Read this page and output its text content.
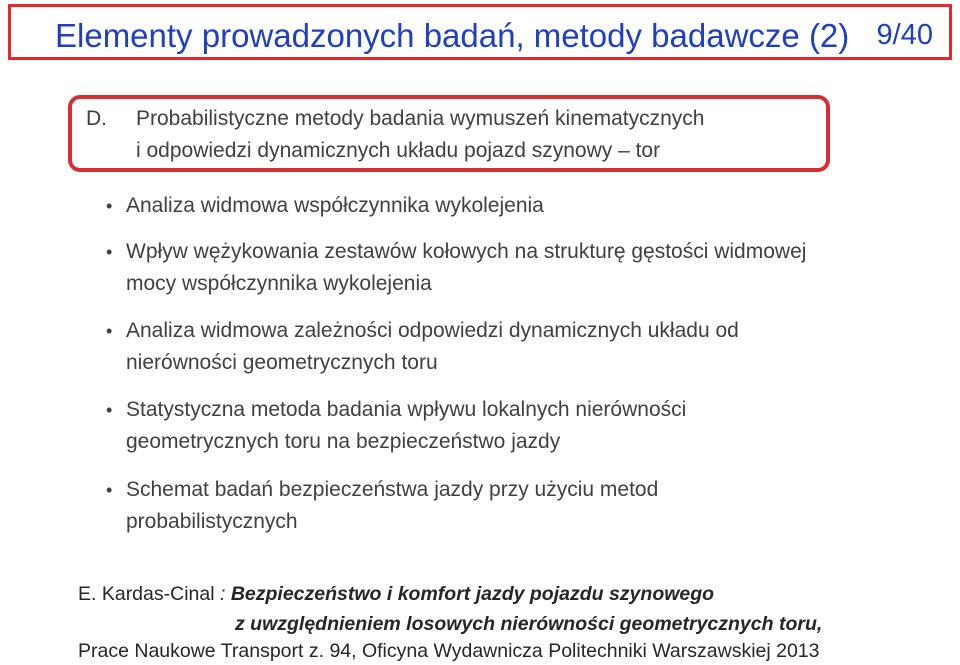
Elementy prowadzonych badań, metody badawcze (2) 9/40
D. Probabilistyczne metody badania wymuszeń kinematycznych
i odpowiedzi dynamicznych układu pojazd szynowy – tor
• Analiza widmowa współczynnika wykolejenia
• Wpływ wężykowania zestawów kołowych na strukturę gęstości widmowej mocy współczynnika wykolejenia
• Analiza widmowa zależności odpowiedzi dynamicznych układu od nierówności geometrycznych toru
• Statystyczna metoda badania wpływu lokalnych nierówności geometrycznych toru na bezpieczeństwo jazdy
• Schemat badań bezpieczeństwa jazdy przy użyciu metod probabilistycznych
E. Kardas-Cinal : Bezpieczeństwo i komfort jazdy pojazdu szynowego
z uwzględnieniem losowych nierówności geometrycznych toru,
Prace Naukowe Transport z. 94, Oficyna Wydawnicza Politechniki Warszawskiej 2013
